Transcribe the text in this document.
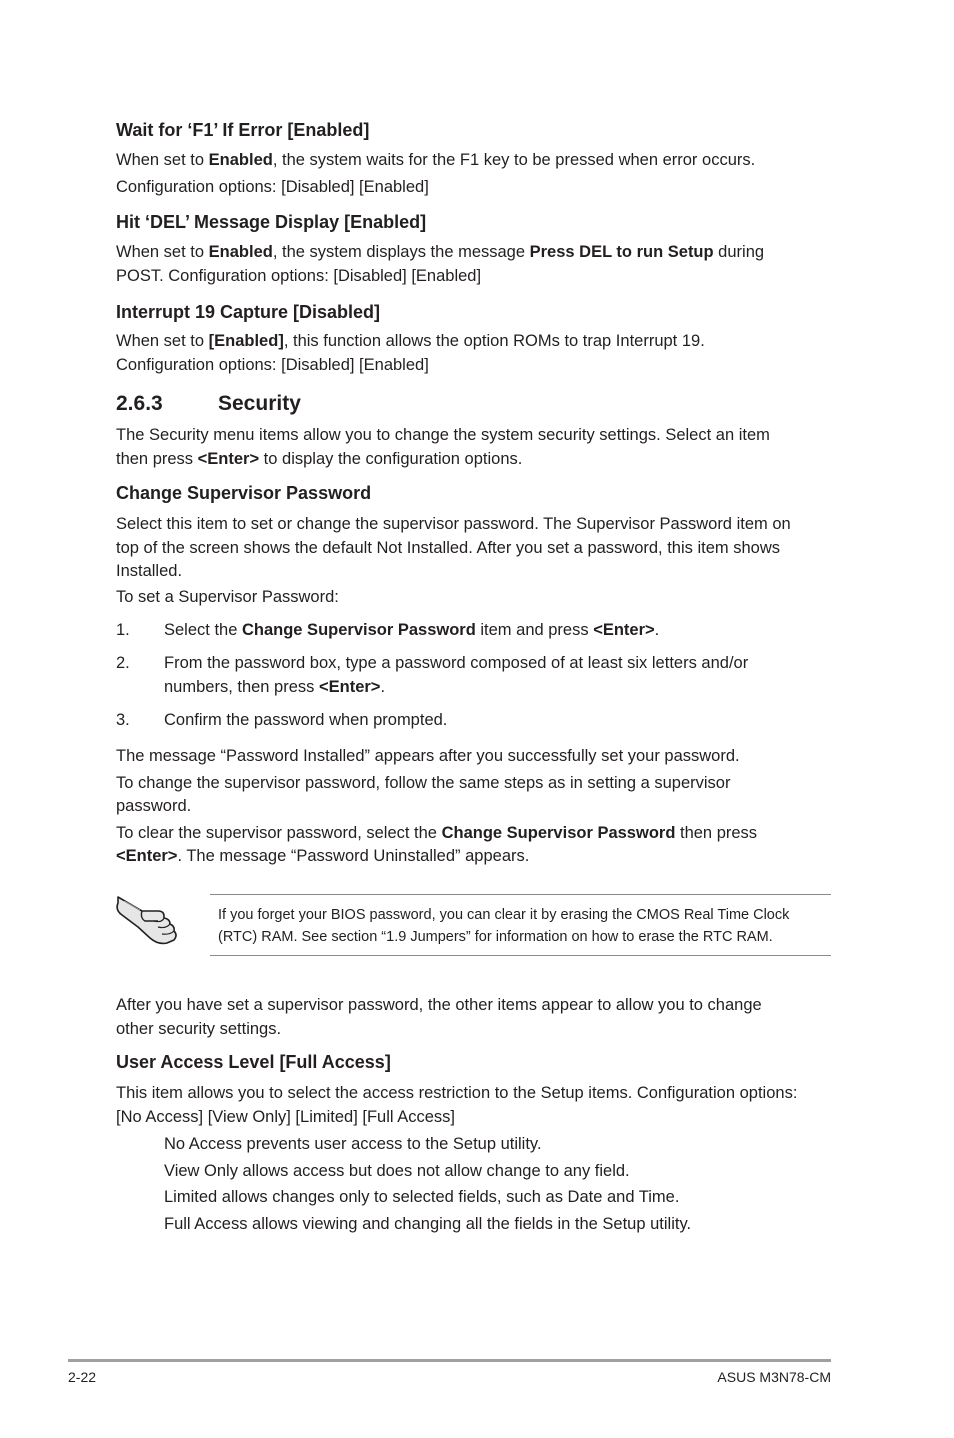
Wait for ‘F1’ If Error [Enabled]
When set to Enabled, the system waits for the F1 key to be pressed when error occurs.
Configuration options: [Disabled] [Enabled]
Hit ‘DEL’ Message Display [Enabled]
When set to Enabled, the system displays the message Press DEL to run Setup during
POST. Configuration options: [Disabled] [Enabled]
Interrupt 19 Capture [Disabled]
When set to [Enabled], this function allows the option ROMs to trap Interrupt 19.
Configuration options: [Disabled] [Enabled]
2.6.3	Security
The Security menu items allow you to change the system security settings. Select an item
then press <Enter> to display the configuration options.
Change Supervisor Password
Select this item to set or change the supervisor password. The Supervisor Password item on
top of the screen shows the default Not Installed. After you set a password, this item shows
Installed.
To set a Supervisor Password:
1. Select the Change Supervisor Password item and press <Enter>.
2. From the password box, type a password composed of at least six letters and/or
numbers, then press <Enter>.
3. Confirm the password when prompted.
The message “Password Installed” appears after you successfully set your password.
To change the supervisor password, follow the same steps as in setting a supervisor
password.
To clear the supervisor password, select the Change Supervisor Password then press
<Enter>. The message “Password Uninstalled” appears.
If you forget your BIOS password, you can clear it by erasing the CMOS Real Time Clock
(RTC) RAM. See section “1.9 Jumpers” for information on how to erase the RTC RAM.
After you have set a supervisor password, the other items appear to allow you to change
other security settings.
User Access Level [Full Access]
This item allows you to select the access restriction to the Setup items. Configuration options:
[No Access] [View Only] [Limited] [Full Access]
No Access prevents user access to the Setup utility.
View Only allows access but does not allow change to any field.
Limited allows changes only to selected fields, such as Date and Time.
Full Access allows viewing and changing all the fields in the Setup utility.
2-22	ASUS M3N78-CM
